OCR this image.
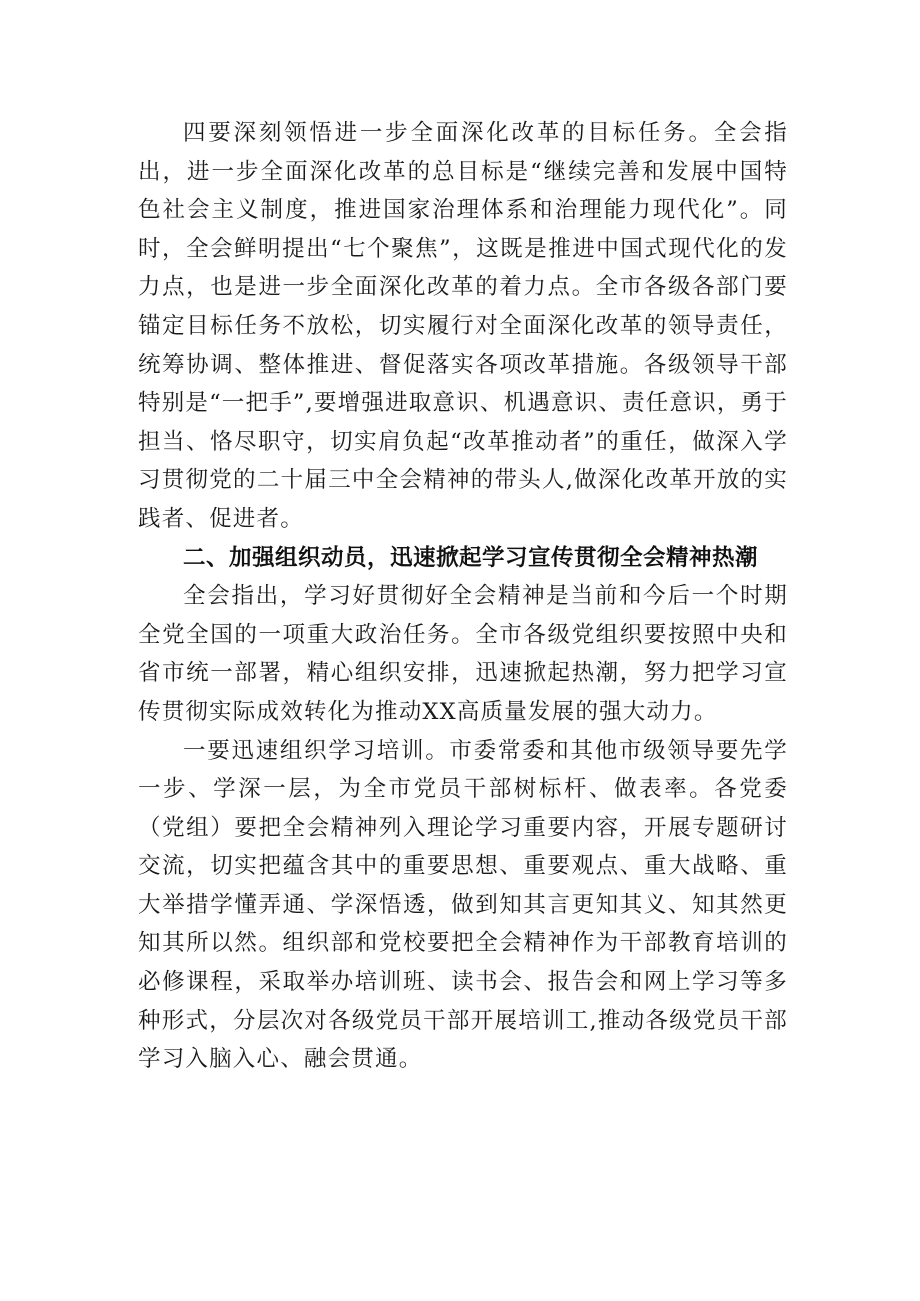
四要深刻领悟进一步全面深化改革的目标任务。全会指出，进一步全面深化改革的总目标是“继续完善和发展中国特色社会主义制度，推进国家治理体系和治理能力现代化”。同时，全会鲜明提出“七个聚焦”，这既是推进中国式现代化的发力点，也是进一步全面深化改革的着力点。全市各级各部门要锚定目标任务不放松，切实履行对全面深化改革的领导责任，统筹协调、整体推进、督促落实各项改革措施。各级领导干部特别是“一把手”,要增强进取意识、机遇意识、责任意识，勇于担当、恪尽职守，切实肩负起“改革推动者”的重任，做深入学习贯彻党的二十届三中全会精神的带头人,做深化改革开放的实践者、促进者。

二、加强组织动员，迅速掀起学习宣传贯彻全会精神热潮

全会指出，学习好贯彻好全会精神是当前和今后一个时期全党全国的一项重大政治任务。全市各级党组织要按照中央和省市统一部署，精心组织安排，迅速掀起热潮，努力把学习宣传贯彻实际成效转化为推动XX高质量发展的强大动力。

一要迅速组织学习培训。市委常委和其他市级领导要先学一步、学深一层，为全市党员干部树标杆、做表率。各党委（党组）要把全会精神列入理论学习重要内容，开展专题研讨交流，切实把蕴含其中的重要思想、重要观点、重大战略、重大举措学懂弄通、学深悟透，做到知其言更知其义、知其然更知其所以然。组织部和党校要把全会精神作为干部教育培训的必修课程，采取举办培训班、读书会、报告会和网上学习等多种形式，分层次对各级党员干部开展培训工,推动各级党员干部学习入脑入心、融会贯通。
